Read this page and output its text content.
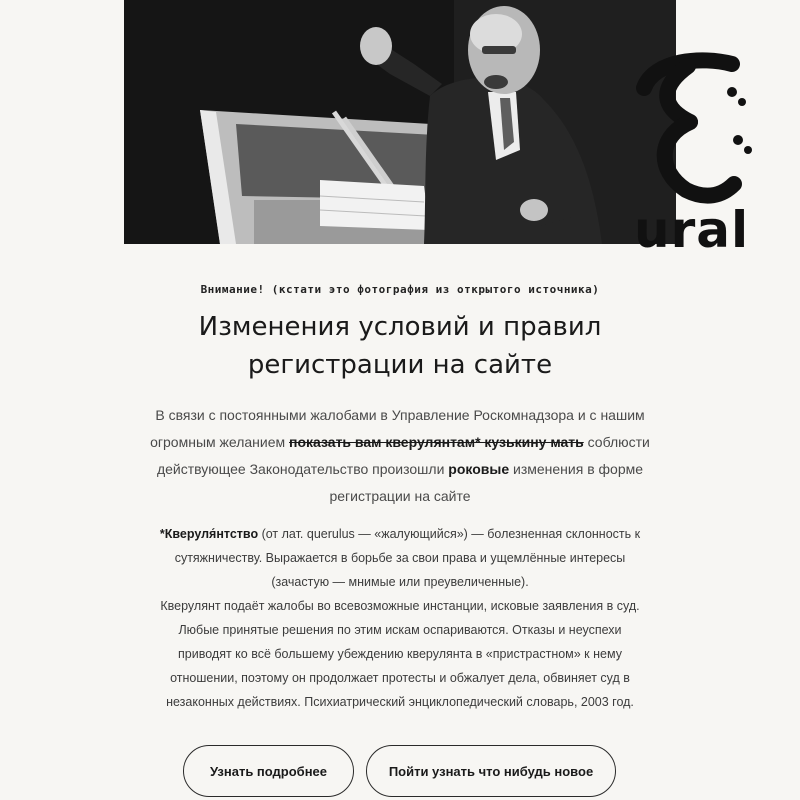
ural
Внимание! (кстати это фотография из открытого источника)
Изменения условий и правил
регистрации на сайте

В связи с постоянными жалобами в Управление Роскомнадзора и с нашим огромным желанием показать вам кверулянтам* кузькину мать соблюсти действующее Законодательство произошли роковые изменения в форме регистрации на сайте

*Кверуля́нтство (от лат. querulus — «жалующийся») — болезненная склонность к сутяжничеству. Выражается в борьбе за свои права и ущемлённые интересы (зачастую — мнимые или преувеличенные).
Кверулянт подаёт жалобы во всевозможные инстанции, исковые заявления в суд. Любые принятые решения по этим искам оспариваются. Отказы и неуспехи приводят ко всё большему убеждению кверулянта в «пристрастном» к нему отношении, поэтому он продолжает протесты и обжалует дела, обвиняет суд в незаконных действиях. Психиатрический энциклопедический словарь, 2003 год.

Узнать подробнее	Пойти узнать что нибудь новое
